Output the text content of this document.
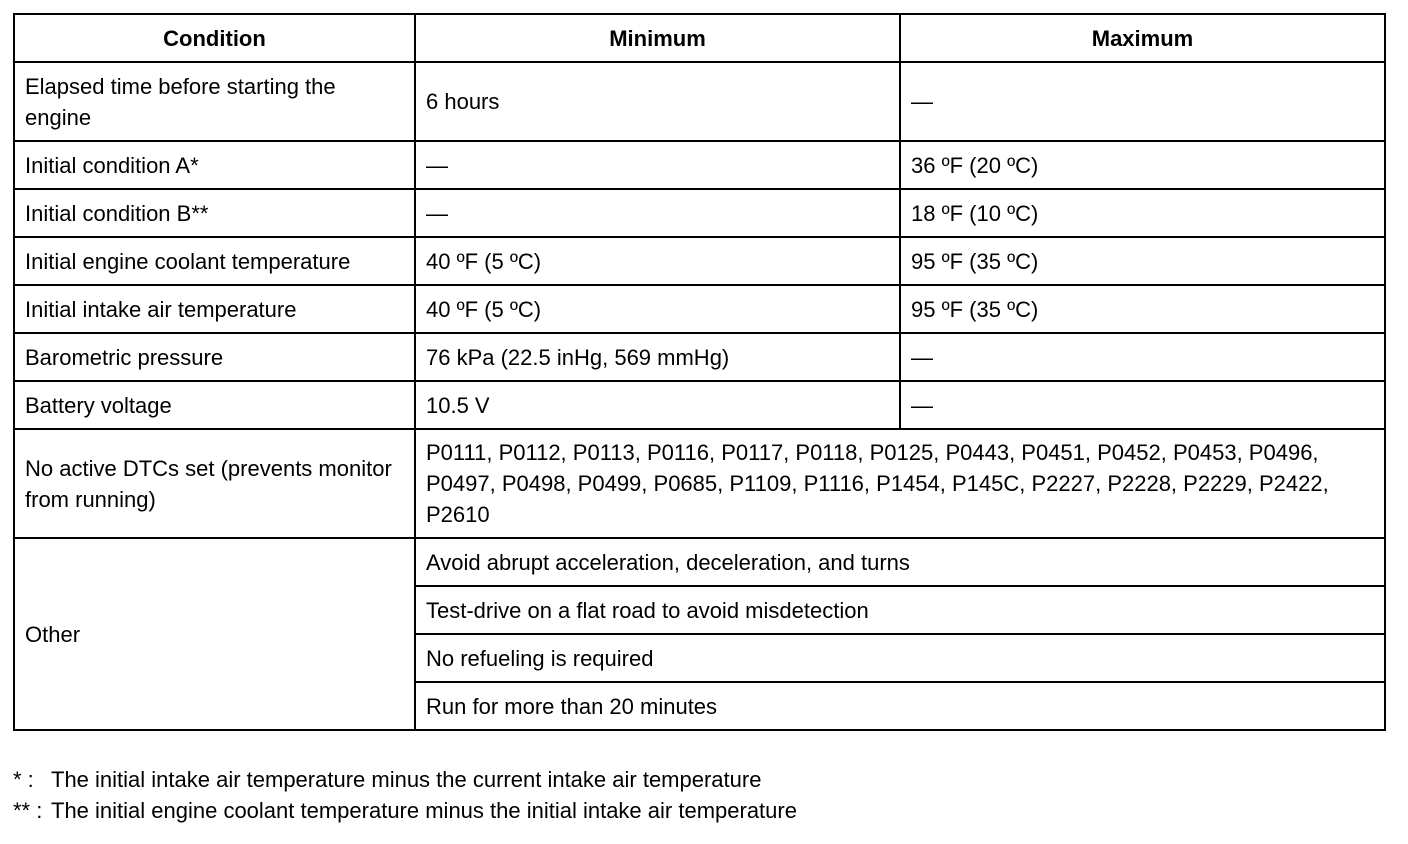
Condition	Minimum	Maximum
Elapsed time before starting the engine	6 hours	—
Initial condition A*	—	36 ºF (20 ºC)
Initial condition B**	—	18 ºF (10 ºC)
Initial engine coolant temperature	40 ºF (5 ºC)	95 ºF (35 ºC)
Initial intake air temperature	40 ºF (5 ºC)	95 ºF (35 ºC)
Barometric pressure	76 kPa (22.5 inHg, 569 mmHg)	—
Battery voltage	10.5 V	—
No active DTCs set (prevents monitor from running)	P0111, P0112, P0113, P0116, P0117, P0118, P0125, P0443, P0451, P0452, P0453, P0496, P0497, P0498, P0499, P0685, P1109, P1116, P1454, P145C, P2227, P2228, P2229, P2422, P2610	
Other	Avoid abrupt acceleration, deceleration, and turns	
	Test-drive on a flat road to avoid misdetection	
	No refueling is required	
	Run for more than 20 minutes	
* : The initial intake air temperature minus the current intake air temperature
** : The initial engine coolant temperature minus the initial intake air temperature
